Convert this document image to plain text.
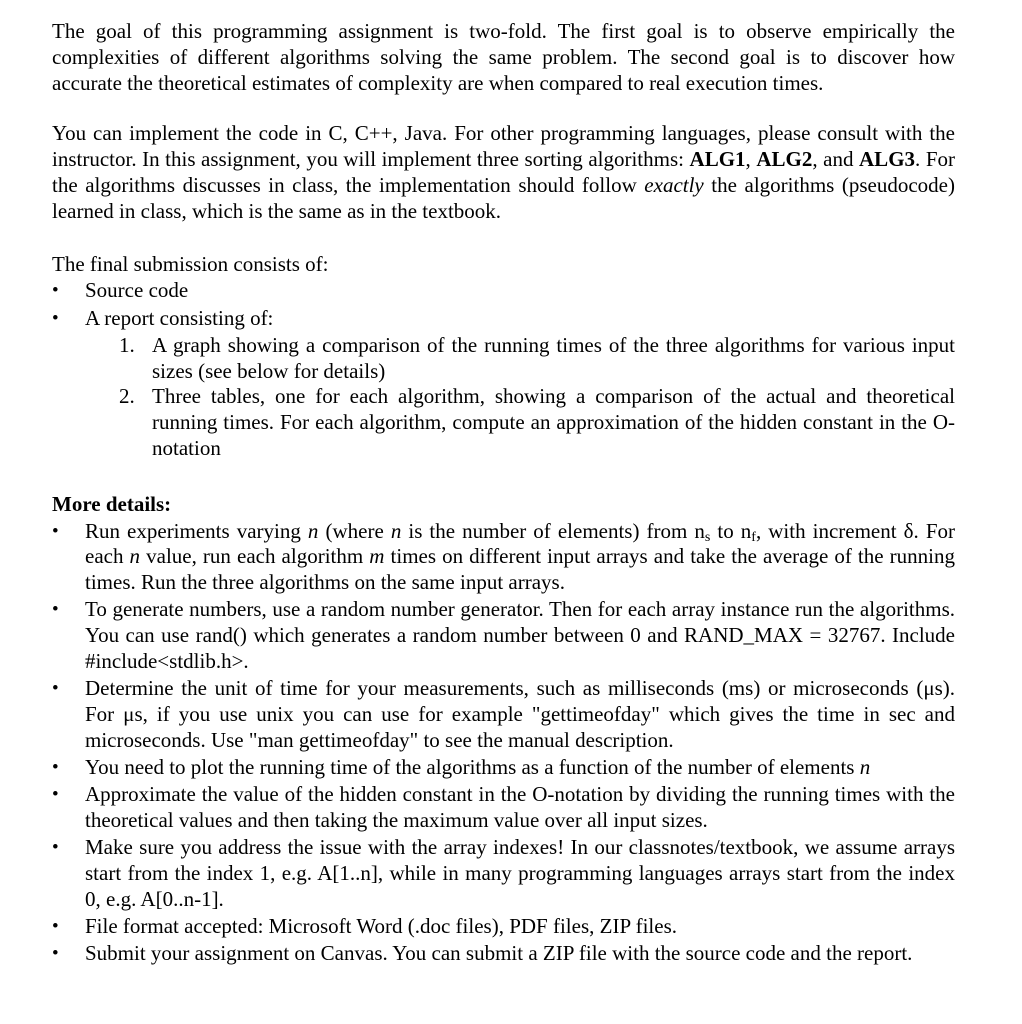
The goal of this programming assignment is two-fold. The first goal is to observe empirically the complexities of different algorithms solving the same problem. The second goal is to discover how accurate the theoretical estimates of complexity are when compared to real execution times.

You can implement the code in C, C++, Java. For other programming languages, please consult with the instructor. In this assignment, you will implement three sorting algorithms: ALG1, ALG2, and ALG3. For the algorithms discusses in class, the implementation should follow exactly the algorithms (pseudocode) learned in class, which is the same as in the textbook.

The final submission consists of:

• Source code
• A report consisting of:
1. A graph showing a comparison of the running times of the three algorithms for various input sizes (see below for details)
2. Three tables, one for each algorithm, showing a comparison of the actual and theoretical running times. For each algorithm, compute an approximation of the hidden constant in the O-notation
More details:
• Run experiments varying n (where n is the number of elements) from $n_s$ to $n_f$, with increment δ. For each n value, run each algorithm m times on different input arrays and take the average of the running times. Run the three algorithms on the same input arrays.
• To generate numbers, use a random number generator. Then for each array instance run the algorithms. You can use rand() which generates a random number between 0 and RAND_MAX = 32767. Include #include<stdlib.h>.
• Determine the unit of time for your measurements, such as milliseconds (ms) or microseconds (μs). For μs, if you use unix you can use for example "gettimeofday" which gives the time in sec and microseconds. Use "man gettimeofday" to see the manual description.
• You need to plot the running time of the algorithms as a function of the number of elements n
• Approximate the value of the hidden constant in the O-notation by dividing the running times with the theoretical values and then taking the maximum value over all input sizes.
• Make sure you address the issue with the array indexes! In our classnotes/textbook, we assume arrays start from the index 1, e.g. A[1..n], while in many programming languages arrays start from the index 0, e.g. A[0..n-1].
• File format accepted: Microsoft Word (.doc files), PDF files, ZIP files.
• Submit your assignment on Canvas. You can submit a ZIP file with the source code and the report.
